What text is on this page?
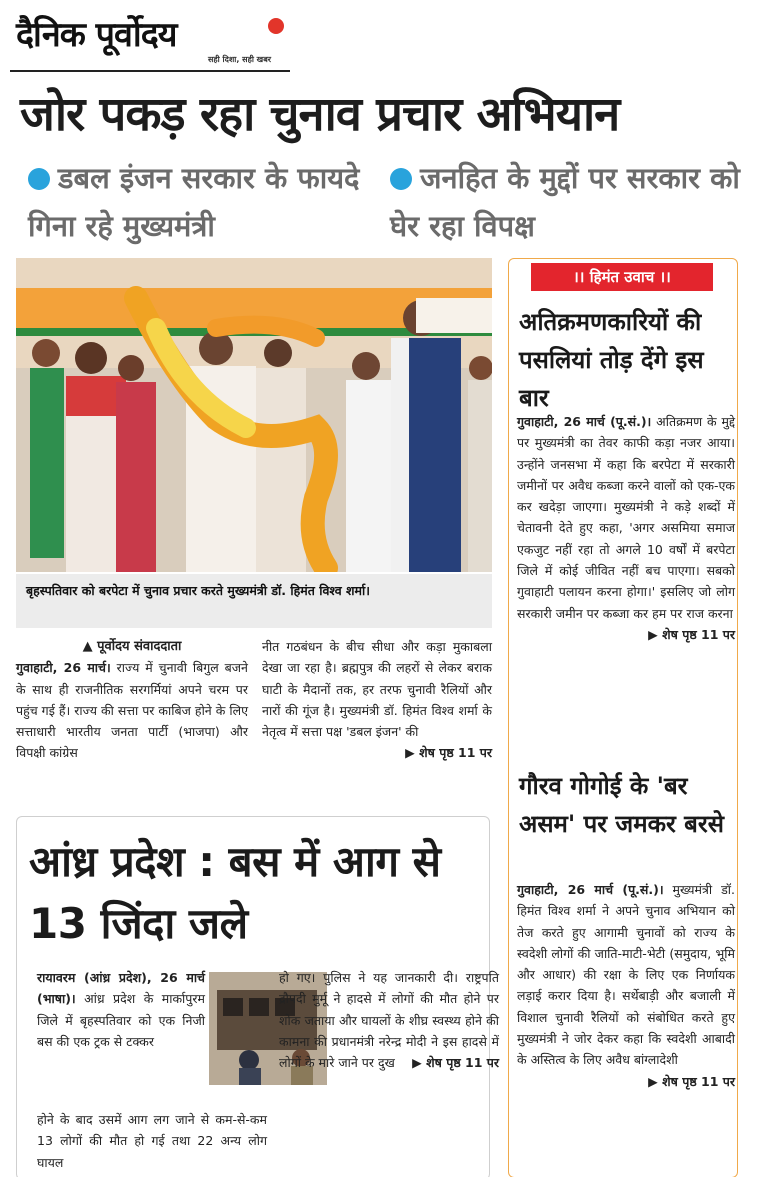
दैनिक पूर्वोदय
सही दिशा, सही खबर
जोर पकड़ रहा चुनाव प्रचार अभियान
डबल इंजन सरकार के फायदे गिना रहे मुख्यमंत्री
जनहित के मुद्दों पर सरकार को घेर रहा विपक्ष
बृहस्पतिवार को बरपेटा में चुनाव प्रचार करते मुख्यमंत्री डॉ. हिमंत विश्व शर्मा।
▲ पूर्वोदय संवाददाता
गुवाहाटी, 26 मार्च। राज्य में चुनावी बिगुल बजने के साथ ही राजनीतिक सरगर्मियां अपने चरम पर पहुंच गई हैं। राज्य की सत्ता पर काबिज होने के लिए सत्ताधारी भारतीय जनता पार्टी (भाजपा) और विपक्षी कांग्रेस
नीत गठबंधन के बीच सीधा और कड़ा मुकाबला देखा जा रहा है। ब्रह्मपुत्र की लहरों से लेकर बराक घाटी के मैदानों तक, हर तरफ चुनावी रैलियों और नारों की गूंज है। मुख्यमंत्री डॉ. हिमंत विश्व शर्मा के नेतृत्व में सत्ता पक्ष 'डबल इंजन' की
▶ शेष पृष्ठ 11 पर
।। हिमंत उवाच ।।
अतिक्रमणकारियों की पसलियां तोड़ देंगे इस बार
गुवाहाटी, 26 मार्च (पू.सं.)। अतिक्रमण के मुद्दे पर मुख्यमंत्री का तेवर काफी कड़ा नजर आया। उन्होंने जनसभा में कहा कि बरपेटा में सरकारी जमीनों पर अवैध कब्जा करने वालों को एक-एक कर खदेड़ा जाएगा। मुख्यमंत्री ने कड़े शब्दों में चेतावनी देते हुए कहा, 'अगर असमिया समाज एकजुट नहीं रहा तो अगले 10 वर्षों में बरपेटा जिले में कोई जीवित नहीं बच पाएगा। सबको गुवाहाटी पलायन करना होगा।' इसलिए जो लोग सरकारी जमीन पर कब्जा कर हम पर राज करना
▶ शेष पृष्ठ 11 पर
गौरव गोगोई के 'बर असम' पर जमकर बरसे
गुवाहाटी, 26 मार्च (पू.सं.)। मुख्यमंत्री डॉ. हिमंत विश्व शर्मा ने अपने चुनाव अभियान को तेज करते हुए आगामी चुनावों को राज्य के स्वदेशी लोगों की जाति-माटी-भेटी (समुदाय, भूमि और आधार) की रक्षा के लिए एक निर्णायक लड़ाई करार दिया है। सर्थेबाड़ी और बजाली में विशाल चुनावी रैलियों को संबोधित करते हुए मुख्यमंत्री ने जोर देकर कहा कि स्वदेशी आबादी के अस्तित्व के लिए अवैध बांग्लादेशी
▶ शेष पृष्ठ 11 पर
आंध्र प्रदेश : बस में आग से 13 जिंदा जले
रायावरम (आंध्र प्रदेश), 26 मार्च (भाषा)। आंध्र प्रदेश के मार्कापुरम जिले में बृहस्पतिवार को एक निजी बस की एक ट्रक से टक्कर
होने के बाद उसमें आग लग जाने से कम-से-कम 13 लोगों की मौत हो गई तथा 22 अन्य लोग घायल
हो गए। पुलिस ने यह जानकारी दी। राष्ट्रपति द्रौपदी मुर्मू ने हादसे में लोगों की मौत होने पर शोक जताया और घायलों के शीघ्र स्वस्थ्य होने की कामना की प्रधानमंत्री नरेन्द्र मोदी ने इस हादसे में लोगों के मारे जाने पर दुख ▶ शेष पृष्ठ 11 पर
